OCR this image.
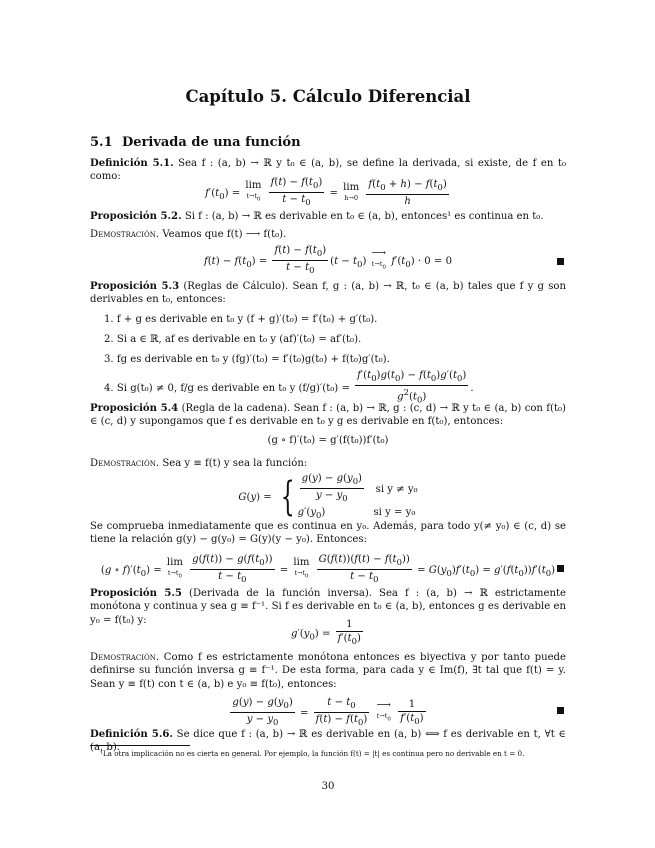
Capítulo 5. Cálculo Diferencial
5.1 Derivada de una función
Definición 5.1. Sea f : (a, b) → ℝ y t₀ ∈ (a, b), se define la derivada, si existe, de f en t₀ como:
$f'(t_0) = \lim$
$t\to t_0$
$\frac{f(t) - f(t_0)}{t - t_0} = \lim$
h→0
$\frac{f(t_0 + h) - f(t_0)}{h}$
Proposición 5.2. Si f : (a, b) → ℝ es derivable en t₀ ∈ (a, b), entonces¹ es continua en t₀.
Demostración. Veamos que f(t) ⟶ f(t₀).
$f(t) - f(t_0) = \frac{f(t) - f(t_0)}{t - t_0} (t - t_0)$ ⟶
$t\to t_0$
$f'(t_0) \cdot 0 = 0$
Proposición 5.3 (Reglas de Cálculo). Sean f, g : (a, b) → ℝ, t₀ ∈ (a, b) tales que f y g son derivables en t₀, entonces:
1. f + g es derivable en t₀ y (f + g)′(t₀) = f′(t₀) + g′(t₀).
2. Si a ∈ ℝ, af es derivable en t₀ y (af)′(t₀) = af′(t₀).
3. fg es derivable en t₀ y (fg)′(t₀) = f′(t₀)g(t₀) + f(t₀)g′(t₀).
4. Si g(t₀) ≠ 0, f/g es derivable en t₀ y $(f/g)'(t_0) = \frac{f'(t_0)g(t_0) - f(t_0)g'(t_0)}{g^2(t_0)}$ .
Proposición 5.4 (Regla de la cadena). Sean f : (a, b) → ℝ, g : (c, d) → ℝ y t₀ ∈ (a, b) con f(t₀) ∈ (c, d) y supongamos que f es derivable en t₀ y g es derivable en f(t₀), entonces:
(g ∘ f)′(t₀) = g′(f(t₀))f′(t₀)
Demostración. Sea y ≡ f(t) y sea la función:
G(y) = { $\frac{g(y) - g(y_0)}{y - y_0}$ si y ≠ y₀
$g'(y_0)$               si y = y₀
Se comprueba inmediatamente que es continua en y₀. Además, para todo y(≠ y₀) ∈ (c, d) se tiene la relación g(y) − g(y₀) = G(y)(y − y₀). Entonces:
(g ∘ $f)'(t_0) = \lim$
$t\to t_0$
$\frac{g(f(t)) - g(f(t_0))}{t - t_0} = \lim$
$t\to t_0$
$\frac{G(f(t))(f(t) - f(t_0))}{t - t_0} = G(y_0)f'(t_0) = g'(f(t_0))f'(t_0)$
Proposición 5.5 (Derivada de la función inversa). Sea f : (a, b) → ℝ estrictamente monótona y continua y sea g ≡ f⁻¹. Si f es derivable en t₀ ∈ (a, b), entonces g es derivable en y₀ = f(t₀) y:
$g'(y_0) = \frac{1}{f'(t_0)}$
Demostración. Como f es estrictamente monótona entonces es biyectiva y por tanto puede definirse su función inversa g ≡ f⁻¹. De esta forma, para cada y ∈ Im(f), ∃t tal que f(t) = y. Sean y ≡ f(t) con t ∈ (a, b) e y₀ ≡ f(t₀), entonces:
$\frac{g(y) - g(y_0)}{y - y_0} = \frac{t - t_0}{f(t) - f(t_0)}$ ⟶
$t\to t_0$
$\frac{1}{f'(t_0)}$
Definición 5.6. Se dice que f : (a, b) → ℝ es derivable en (a, b) ⟺ f es derivable en t, ∀t ∈ (a, b).
¹La otra implicación no es cierta en general. Por ejemplo, la función f(t) = |t| es continua pero no derivable en t = 0.
30
